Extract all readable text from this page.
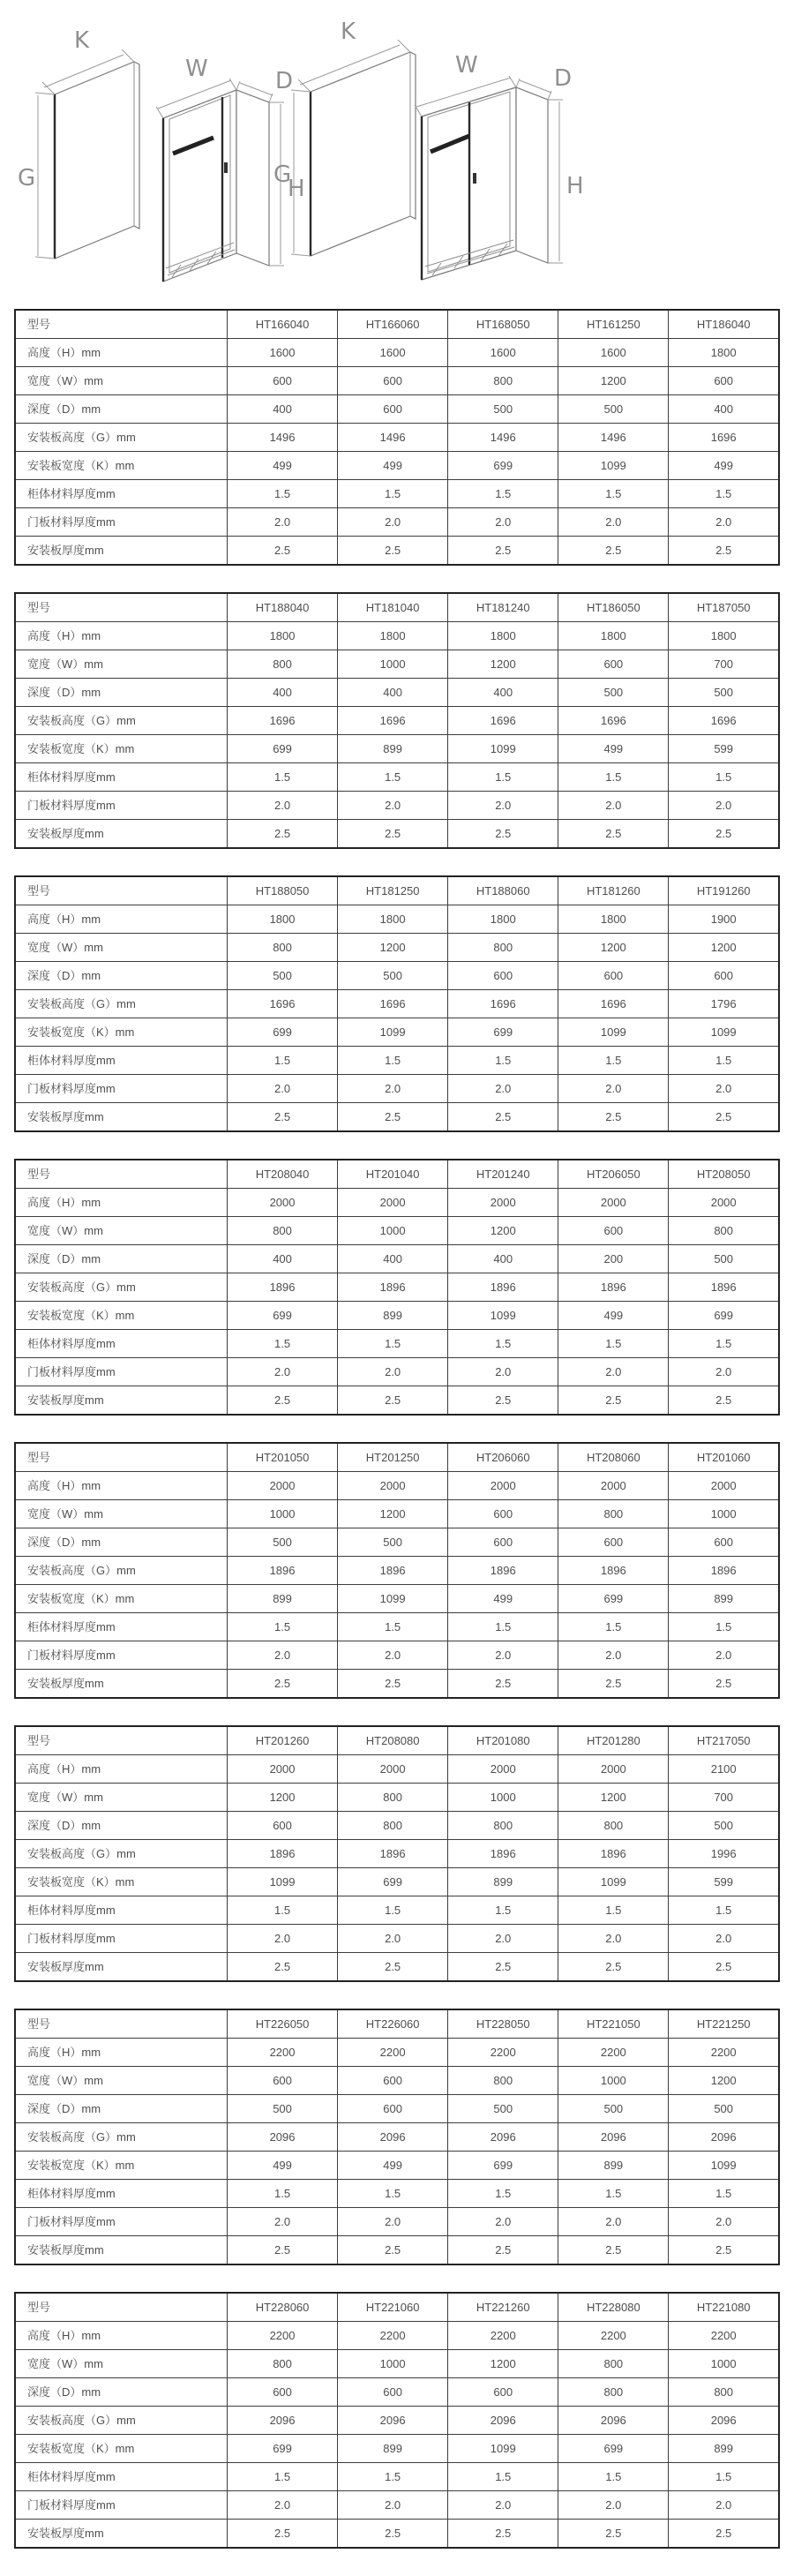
K
G
W	D
H
K
G
W	D
H
型号	HT166040	HT166060	HT168050	HT161250	HT186040
高度（H）mm	1600	1600	1600	1600	1800
宽度（W）mm	600	600	800	1200	600
深度（D）mm	400	600	500	500	400
安装板高度（G）mm	1496	1496	1496	1496	1696
安装板宽度（K）mm	499	499	699	1099	499
柜体材料厚度mm	1.5	1.5	1.5	1.5	1.5
门板材料厚度mm	2.0	2.0	2.0	2.0	2.0
安装板厚度mm	2.5	2.5	2.5	2.5	2.5
型号	HT188040	HT181040	HT181240	HT186050	HT187050
高度（H）mm	1800	1800	1800	1800	1800
宽度（W）mm	800	1000	1200	600	700
深度（D）mm	400	400	400	500	500
安装板高度（G）mm	1696	1696	1696	1696	1696
安装板宽度（K）mm	699	899	1099	499	599
柜体材料厚度mm	1.5	1.5	1.5	1.5	1.5
门板材料厚度mm	2.0	2.0	2.0	2.0	2.0
安装板厚度mm	2.5	2.5	2.5	2.5	2.5
型号	HT188050	HT181250	HT188060	HT181260	HT191260
高度（H）mm	1800	1800	1800	1800	1900
宽度（W）mm	800	1200	800	1200	1200
深度（D）mm	500	500	600	600	600
安装板高度（G）mm	1696	1696	1696	1696	1796
安装板宽度（K）mm	699	1099	699	1099	1099
柜体材料厚度mm	1.5	1.5	1.5	1.5	1.5
门板材料厚度mm	2.0	2.0	2.0	2.0	2.0
安装板厚度mm	2.5	2.5	2.5	2.5	2.5
型号	HT208040	HT201040	HT201240	HT206050	HT208050
高度（H）mm	2000	2000	2000	2000	2000
宽度（W）mm	800	1000	1200	600	800
深度（D）mm	400	400	400	200	500
安装板高度（G）mm	1896	1896	1896	1896	1896
安装板宽度（K）mm	699	899	1099	499	699
柜体材料厚度mm	1.5	1.5	1.5	1.5	1.5
门板材料厚度mm	2.0	2.0	2.0	2.0	2.0
安装板厚度mm	2.5	2.5	2.5	2.5	2.5
型号	HT201050	HT201250	HT206060	HT208060	HT201060
高度（H）mm	2000	2000	2000	2000	2000
宽度（W）mm	1000	1200	600	800	1000
深度（D）mm	500	500	600	600	600
安装板高度（G）mm	1896	1896	1896	1896	1896
安装板宽度（K）mm	899	1099	499	699	899
柜体材料厚度mm	1.5	1.5	1.5	1.5	1.5
门板材料厚度mm	2.0	2.0	2.0	2.0	2.0
安装板厚度mm	2.5	2.5	2.5	2.5	2.5
型号	HT201260	HT208080	HT201080	HT201280	HT217050
高度（H）mm	2000	2000	2000	2000	2100
宽度（W）mm	1200	800	1000	1200	700
深度（D）mm	600	800	800	800	500
安装板高度（G）mm	1896	1896	1896	1896	1996
安装板宽度（K）mm	1099	699	899	1099	599
柜体材料厚度mm	1.5	1.5	1.5	1.5	1.5
门板材料厚度mm	2.0	2.0	2.0	2.0	2.0
安装板厚度mm	2.5	2.5	2.5	2.5	2.5
型号	HT226050	HT226060	HT228050	HT221050	HT221250
高度（H）mm	2200	2200	2200	2200	2200
宽度（W）mm	600	600	800	1000	1200
深度（D）mm	500	600	500	500	500
安装板高度（G）mm	2096	2096	2096	2096	2096
安装板宽度（K）mm	499	499	699	899	1099
柜体材料厚度mm	1.5	1.5	1.5	1.5	1.5
门板材料厚度mm	2.0	2.0	2.0	2.0	2.0
安装板厚度mm	2.5	2.5	2.5	2.5	2.5
型号	HT228060	HT221060	HT221260	HT228080	HT221080
高度（H）mm	2200	2200	2200	2200	2200
宽度（W）mm	800	1000	1200	800	1000
深度（D）mm	600	600	600	800	800
安装板高度（G）mm	2096	2096	2096	2096	2096
安装板宽度（K）mm	699	899	1099	699	899
柜体材料厚度mm	1.5	1.5	1.5	1.5	1.5
门板材料厚度mm	2.0	2.0	2.0	2.0	2.0
安装板厚度mm	2.5	2.5	2.5	2.5	2.5
